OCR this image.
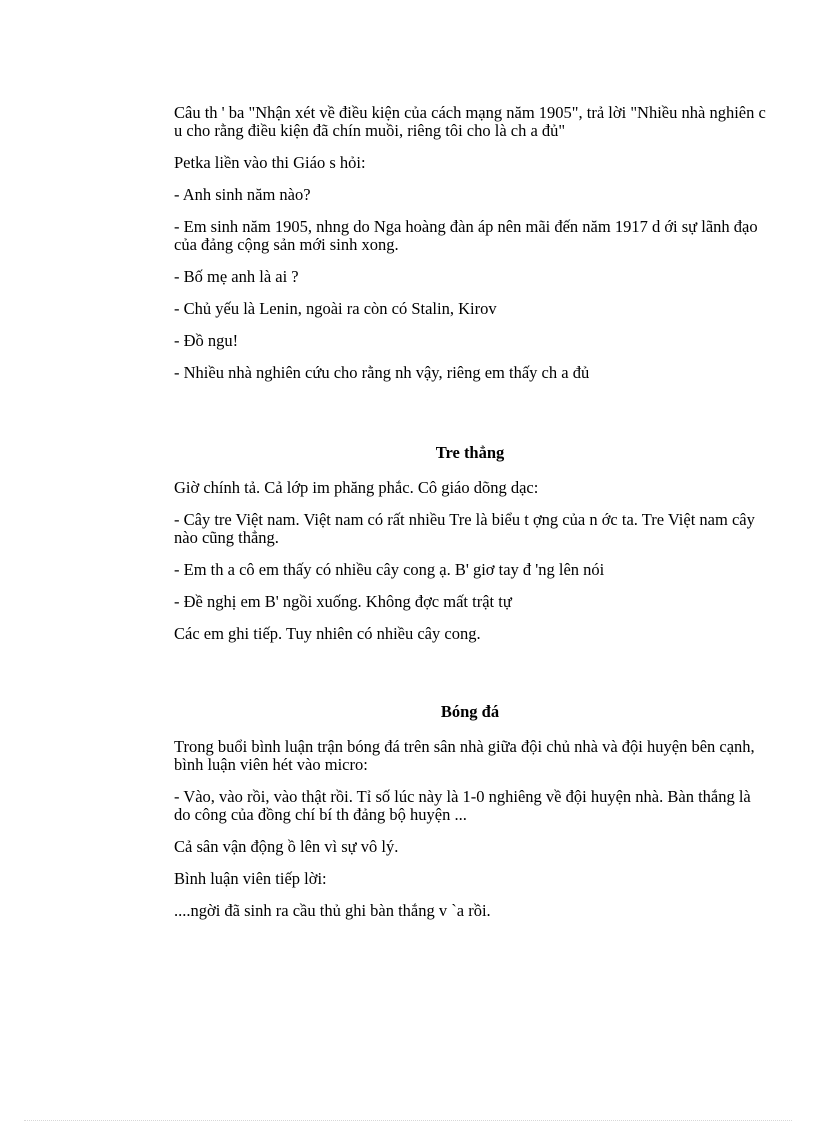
Câu th ' ba "Nhận xét về điều kiện của cách mạng năm 1905", trả lời "Nhiều nhà nghiên c u cho rằng điều kiện đã chín muồi, riêng tôi cho là ch a đủ"

Petka liền vào thi Giáo s hỏi:

- Anh sinh năm nào?

- Em sinh năm 1905, nhng do Nga hoàng đàn áp nên mãi đến năm 1917 d ới sự lãnh đạo của đảng cộng sản mới sinh xong.

- Bố mẹ anh là ai ?

- Chủ yếu là Lenin, ngoài ra còn có Stalin, Kirov

- Đồ ngu!

- Nhiều nhà nghiên cứu cho rằng nh vậy, riêng em thấy ch a đủ

Tre thẳng

Giờ chính tả. Cả lớp im phăng phắc. Cô giáo dõng dạc:

- Cây tre Việt nam. Việt nam có rất nhiều Tre là biểu t ợng của n ớc ta. Tre Việt nam cây nào cũng thẳng.

- Em th a cô em thấy có nhiều cây cong ạ. B' giơ tay đ 'ng lên nói

- Đề nghị em B' ngồi xuống. Không đợc mất trật tự

Các em ghi tiếp. Tuy nhiên có nhiều cây cong.

Bóng đá

Trong buổi bình luận trận bóng đá trên sân nhà giữa đội chủ nhà và đội huyện bên cạnh, bình luận viên hét vào micro:

- Vào, vào rồi, vào thật rồi. Tỉ số lúc này là 1-0 nghiêng về đội huyện nhà. Bàn thắng là do công của đồng chí bí th đảng bộ huyện ...

Cả sân vận động ồ lên vì sự vô lý.

Bình luận viên tiếp lời:

....ngời đã sinh ra cầu thủ ghi bàn thắng v `a rồi.
